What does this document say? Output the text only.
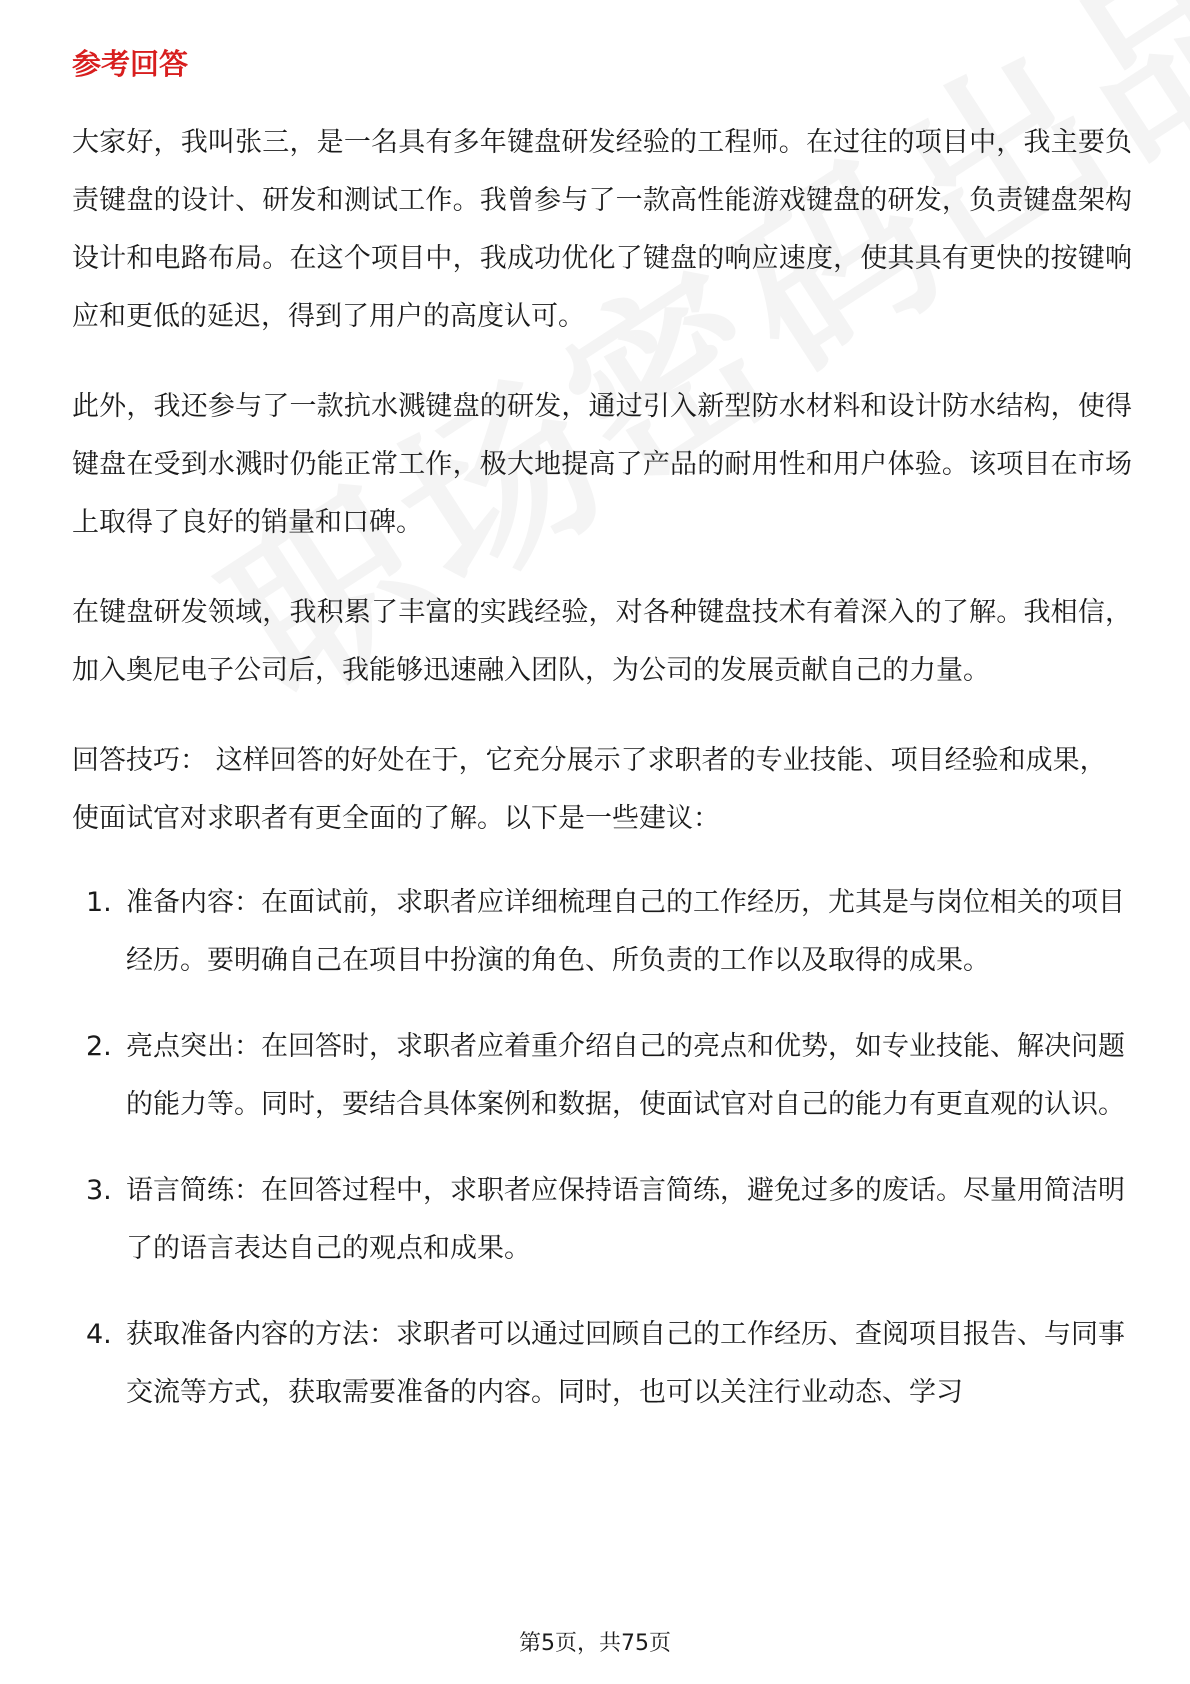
参考回答

大家好，我叫张三，是一名具有多年键盘研发经验的工程师。在过往的项目中，我主要负责键盘的设计、研发和测试工作。我曾参与了一款高性能游戏键盘的研发，负责键盘架构设计和电路布局。在这个项目中，我成功优化了键盘的响应速度，使其具有更快的按键响应和更低的延迟，得到了用户的高度认可。

此外，我还参与了一款抗水溅键盘的研发，通过引入新型防水材料和设计防水结构，使得键盘在受到水溅时仍能正常工作，极大地提高了产品的耐用性和用户体验。该项目在市场上取得了良好的销量和口碑。

在键盘研发领域，我积累了丰富的实践经验，对各种键盘技术有着深入的了解。我相信，加入奥尼电子公司后，我能够迅速融入团队，为公司的发展贡献自己的力量。

回答技巧： 这样回答的好处在于，它充分展示了求职者的专业技能、项目经验和成果，使面试官对求职者有更全面的了解。以下是一些建议：

1. 准备内容：在面试前，求职者应详细梳理自己的工作经历，尤其是与岗位相关的项目经历。要明确自己在项目中扮演的角色、所负责的工作以及取得的成果。
2. 亮点突出：在回答时，求职者应着重介绍自己的亮点和优势，如专业技能、解决问题的能力等。同时，要结合具体案例和数据，使面试官对自己的能力有更直观的认识。
3. 语言简练：在回答过程中，求职者应保持语言简练，避免过多的废话。尽量用简洁明了的语言表达自己的观点和成果。
4. 获取准备内容的方法：求职者可以通过回顾自己的工作经历、查阅项目报告、与同事交流等方式，获取需要准备的内容。同时，也可以关注行业动态、学习
第5页，共75页
